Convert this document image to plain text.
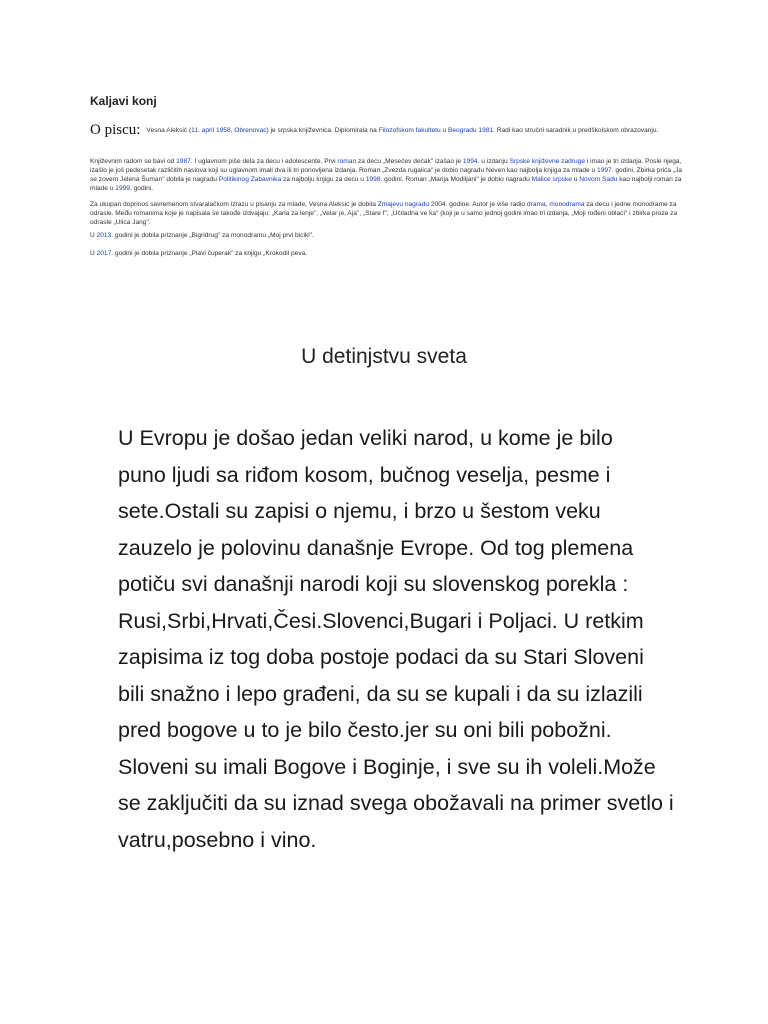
Kaljavi konj

O piscu: Vesna Aleksić (11. april 1958, Obrenovac) je srpska književnica. Diplomirala na Filozofskom fakultetu u Beogradu 1981. Radi kao stručni saradnik u predškolskom obrazovanju.

Književnim radom se bavi od 1987. I uglavnom piše dela za decu i adolescente. Prvi roman za decu „Mesečev dečak" izašao je 1994. u izdanju Srpske književne zadruge i imao je tri izdanja. Posle njega, izašlo je još pedesetak različitih naslova koji su uglavnom imali dva ili tri ponovljena izdanja. Roman „Zvezda rugalica" je dobio nagradu Neven kao najbolja knjiga za mlade u 1997. godini. Zbirka priča „Ja se zovem Jelena Šuman" dobila je nagradu Politikinog Zabavnika za najbolju knjigu za decu u 1998. godini. Roman „Marija Modiljani" je dobio nagradu Malice srpske u Novom Sadu kao najbolji roman za mlade u 1999. godini.
Za ukupan doprinos savremenom stvaralačkom izrazu u pisanju za mlade, Vesna Aleksić je dobila Zmajevu nagradu 2004. godine. Autor je više radio drama, monodrama za decu i jedne monodrame za odrasle. Među romanima koje je napisala se takođe izdvajaju: „Karla za lenje", „Velar je, Aja", „Stare f", „Učiladna ve ka" (koji je u samo jednoj godini imao tri izdanja, „Moji rođeni oblaci" i zbirka proze za odrasle „Ulica Jang".
U 2013. godini je dobila priznanje „Bigridrug" za monodramu „Moj prvi bicikl".
U 2017. godini je dobila priznanje „Plavi čuperak" za knjigu „Krokodil peva.
U detinjstvu sveta

U Evropu je došao jedan veliki narod, u kome je bilo

puno ljudi sa riđom kosom, bučnog veselja, pesme i

sete.Ostali su zapisi o njemu, i brzo u šestom veku

zauzelo je polovinu današnje Evrope. Od tog plemena

potiču svi današnji narodi koji su slovenskog porekla :

Rusi,Srbi,Hrvati,Česi.Slovenci,Bugari i Poljaci. U retkim

zapisima iz tog doba postoje podaci da su Stari Sloveni

bili snažno i lepo građeni, da su se kupali i da su izlazili

pred bogove u to je bilo često.jer su oni bili pobožni.

Sloveni su imali Bogove i Boginje, i sve su ih voleli.Može

se zaključiti da su iznad svega obožavali na primer svetlo i

vatru,posebno i vino.
